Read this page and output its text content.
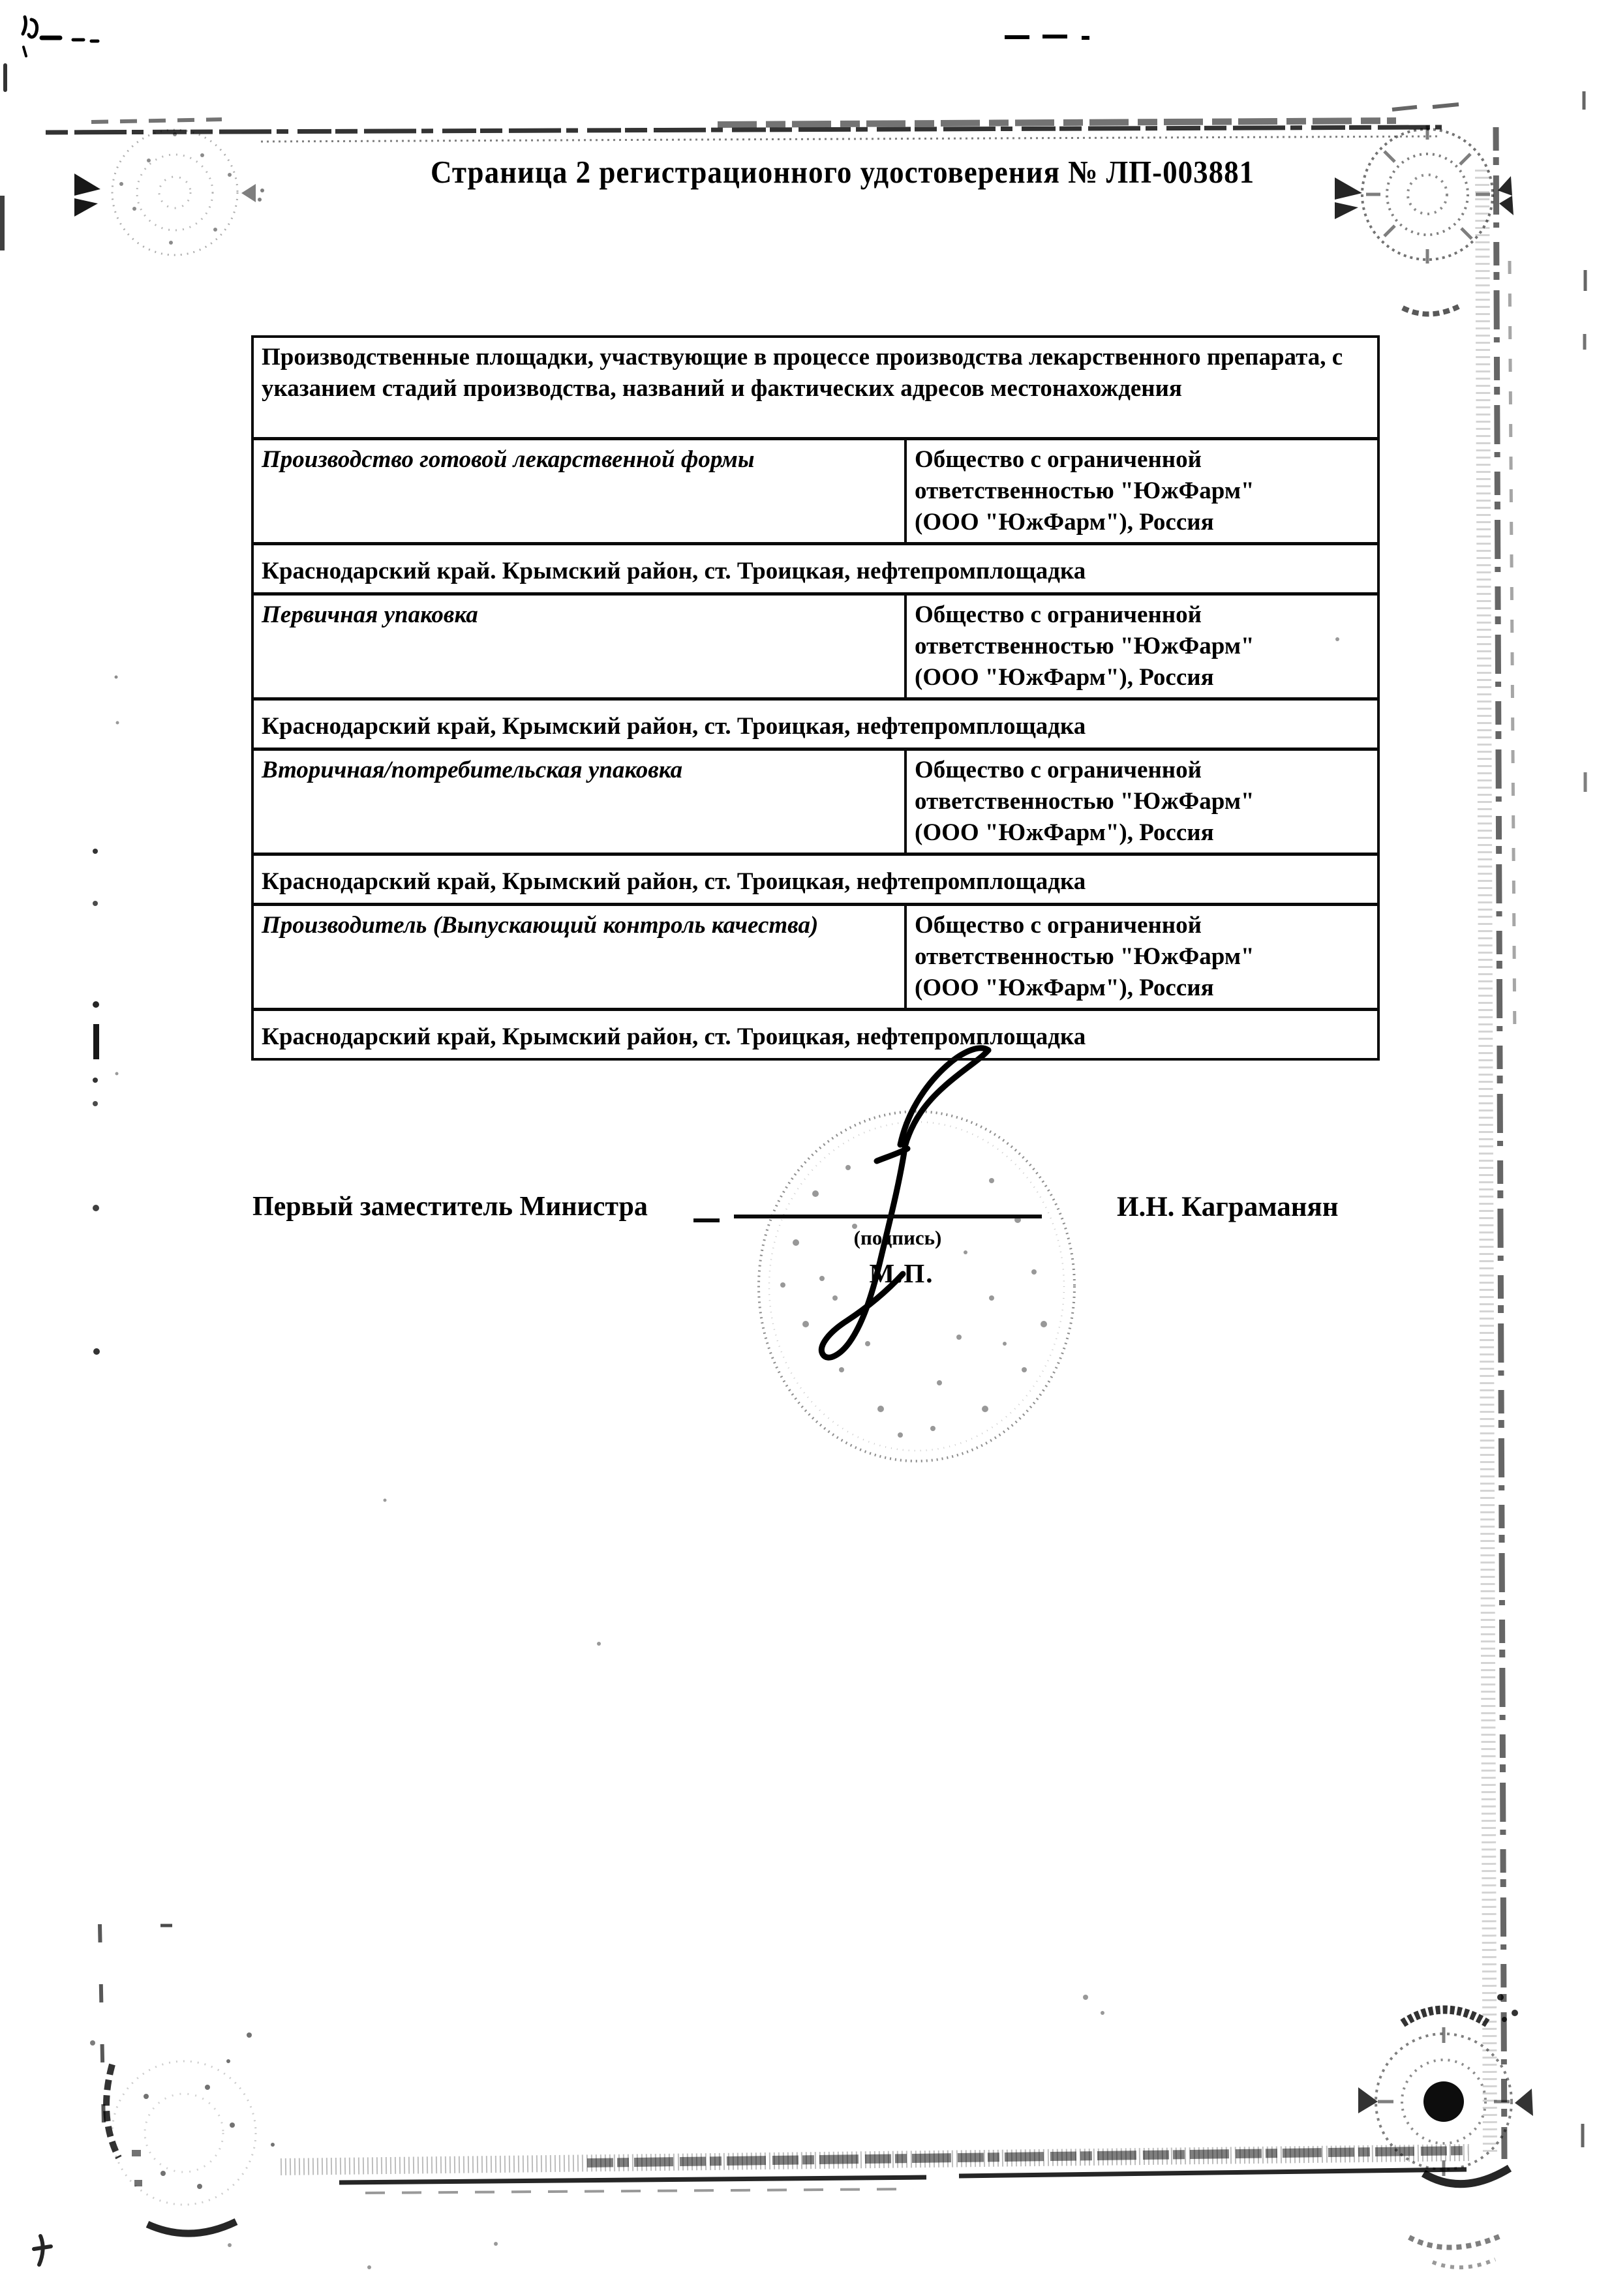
Страница 2 регистрационного удостоверения № ЛП-003881
Производственные площадки, участвующие в процессе производства лекарственного препарата, с указанием стадий производства, названий и фактических адресов местонахождения
Производство готовой лекарственной формы	Общество с ограниченной ответственностью "ЮжФарм" (ООО "ЮжФарм"), Россия
Краснодарский край. Крымский район, ст. Троицкая, нефтепромплощадка
Первичная упаковка	Общество с ограниченной ответственностью "ЮжФарм" (ООО "ЮжФарм"), Россия
Краснодарский край, Крымский район, ст. Троицкая, нефтепромплощадка
Вторичная/потребительская упаковка	Общество с ограниченной ответственностью "ЮжФарм" (ООО "ЮжФарм"), Россия
Краснодарский край, Крымский район, ст. Троицкая, нефтепромплощадка
Производитель (Выпускающий контроль качества)	Общество с ограниченной ответственностью "ЮжФарм" (ООО "ЮжФарм"), Россия
Краснодарский край, Крымский район, ст. Троицкая, нефтепромплощадка
Первый заместитель Министра
(подпись)
М.П.
И.Н. Каграманян
